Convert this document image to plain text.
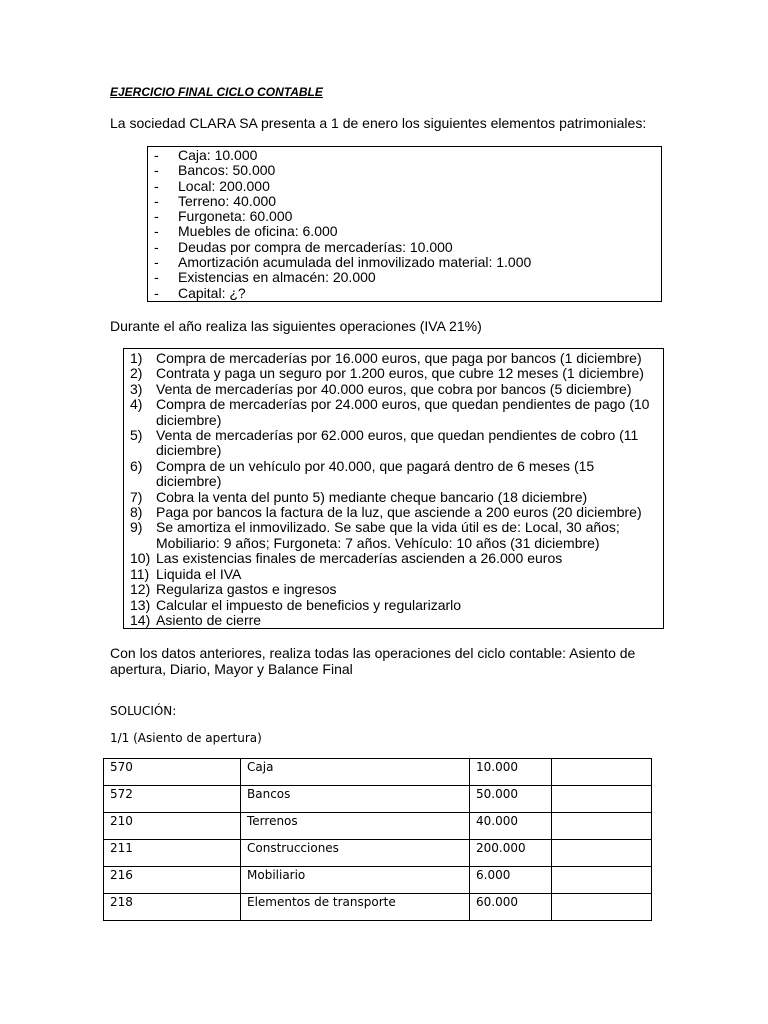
EJERCICIO FINAL CICLO CONTABLE
La sociedad CLARA SA presenta a 1 de enero los siguientes elementos patrimoniales:
-	Caja: 10.000
-	Bancos: 50.000
-	Local: 200.000
-	Terreno: 40.000
-	Furgoneta: 60.000
-	Muebles de oficina: 6.000
-	Deudas por compra de mercaderías: 10.000
-	Amortización acumulada del inmovilizado material: 1.000
-	Existencias en almacén: 20.000
-	Capital: ¿?
Durante el año realiza las siguientes operaciones (IVA 21%)
1) Compra de mercaderías por 16.000 euros, que paga por bancos (1 diciembre)
2) Contrata y paga un seguro por 1.200 euros, que cubre 12 meses (1 diciembre)
3) Venta de mercaderías por 40.000 euros, que cobra por bancos (5 diciembre)
4) Compra de mercaderías por 24.000 euros, que quedan pendientes de pago (10 diciembre)
5) Venta de mercaderías por 62.000 euros, que quedan pendientes de cobro (11 diciembre)
6) Compra de un vehículo por 40.000, que pagará dentro de 6 meses (15 diciembre)
7) Cobra la venta del punto 5) mediante cheque bancario (18 diciembre)
8) Paga por bancos la factura de la luz, que asciende a 200 euros (20 diciembre)
9) Se amortiza el inmovilizado. Se sabe que la vida útil es de: Local, 30 años; Mobiliario: 9 años; Furgoneta: 7 años. Vehículo: 10 años (31 diciembre)
10) Las existencias finales de mercaderías ascienden a 26.000 euros
11) Liquida el IVA
12) Regulariza gastos e ingresos
13) Calcular el impuesto de beneficios y regularizarlo
14) Asiento de cierre
Con los datos anteriores, realiza todas las operaciones del ciclo contable: Asiento de apertura, Diario, Mayor y Balance Final
SOLUCIÓN:
1/1 (Asiento de apertura)
570	Caja	10.000	
572	Bancos	50.000	
210	Terrenos	40.000	
211	Construcciones	200.000	
216	Mobiliario	6.000	
218	Elementos de transporte	60.000	
